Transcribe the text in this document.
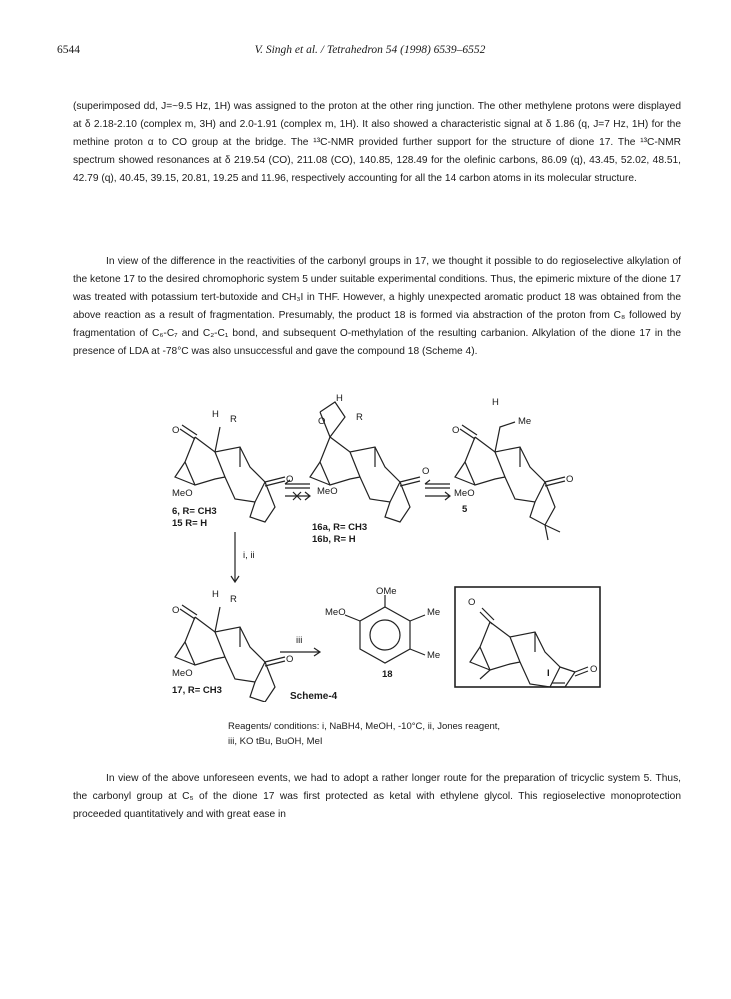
6544	V. Singh et al. / Tetrahedron 54 (1998) 6539–6552

(superimposed dd, J=~9.5 Hz, 1H) was assigned to the proton at the other ring junction. The other methylene protons were displayed at δ 2.18-2.10 (complex m, 3H) and 2.0-1.91 (complex m, 1H). It also showed a characteristic signal at δ 1.86 (q, J=7 Hz, 1H) for the methine proton α to CO group at the bridge. The ¹³C-NMR provided further support for the structure of dione 17. The ¹³C-NMR spectrum showed resonances at δ 219.54 (CO), 211.08 (CO), 140.85, 128.49 for the olefinic carbons, 86.09 (q), 43.45, 52.02, 48.51, 42.79 (q), 40.45, 39.15, 20.81, 19.25 and 11.96, respectively accounting for all the 14 carbon atoms in its molecular structure.

In view of the difference in the reactivities of the carbonyl groups in 17, we thought it possible to do regioselective alkylation of the ketone 17 to the desired chromophoric system 5 under suitable experimental conditions. Thus, the epimeric mixture of the dione 17 was treated with potassium tert-butoxide and CH₃I in THF. However, a highly unexpected aromatic product 18 was obtained from the above reaction as a result of fragmentation. Presumably, the product 18 is formed via abstraction of the proton from C₈ followed by fragmentation of C₆-C₇ and C₂-C₁ bond, and subsequent O-methylation of the resulting carbanion. Alkylation of the dione 17 in the presence of LDA at -78°C was also unsuccessful and gave the compound 18 (Scheme 4).

H R
O
O
MeO
6, R= CH3
15 R= H
H
R
O
O
MeO
16a, R= CH3
16b, R= H
H
Me
O
O
MeO
5
i, ii
iii
H R
O
O
MeO
17, R= CH3
OMe
MeO	Me
Me
18
O
O
I
Scheme-4
Reagents/ conditions: i, NaBH4, MeOH, -10°C, ii, Jones reagent,
iii, KO tBu, BuOH, MeI

In view of the above unforeseen events, we had to adopt a rather longer route for the preparation of tricyclic system 5. Thus, the carbonyl group at C₅ of the dione 17 was first protected as ketal with ethylene glycol. This regioselective monoprotection proceeded quantitatively and with great ease in
